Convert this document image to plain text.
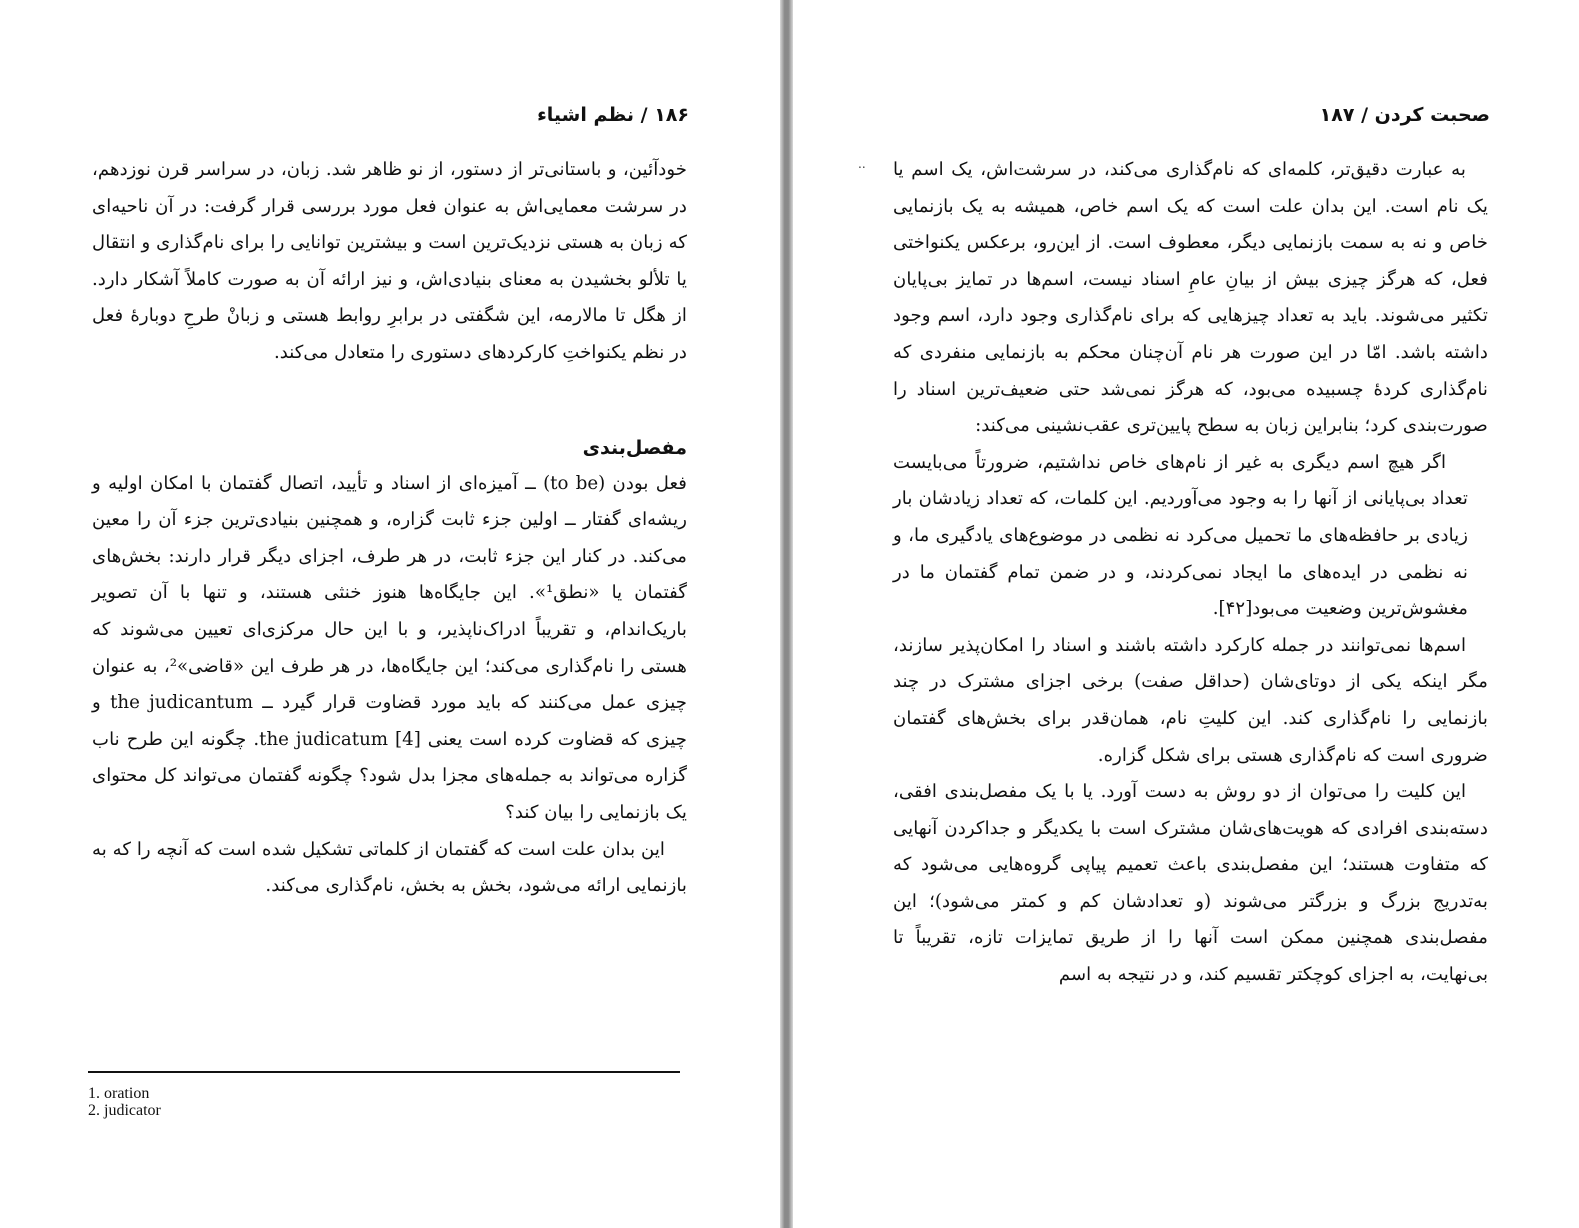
۱۸۶ / نظم اشیاء

خودآئین، و باستانی‌تر از دستور، از نو ظاهر شد. زبان، در سراسر قرن نوزدهم، در سرشت معمایی‌اش به عنوان فعل مورد بررسی قرار گرفت: در آن ناحیه‌ای که زبان به هستی نزدیک‌ترین است و بیشترین توانایی را برای نام‌گذاری و انتقال یا تلألو بخشیدن به معنای بنیادی‌اش، و نیز ارائه آن به صورت کاملاً آشکار دارد. از هگل تا مالارمه، این شگفتی در برابرِ روابط هستی و زبانْ طرحِ دوبارهٔ فعل در نظم یکنواختِ کارکردهای دستوری را متعادل می‌کند.

مفصل‌بندی

فعل بودن (to be) ــ آمیزه‌ای از اسناد و تأیید، اتصال گفتمان با امکان اولیه و ریشه‌ای گفتار ــ اولین جزء ثابت گزاره، و همچنین بنیادی‌ترین جزء آن را معین می‌کند. در کنار این جزء ثابت، در هر طرف، اجزای دیگر قرار دارند: بخش‌های گفتمان یا «نطق¹». این جایگاه‌ها هنوز خنثی هستند، و تنها با آن تصویر باریک‌اندام، و تقریباً ادراک‌ناپذیر، و با این حال مرکزی‌ای تعیین می‌شوند که هستی را نام‌گذاری می‌کند؛ این جایگاه‌ها، در هر طرف این «قاضی»²، به عنوان چیزی عمل می‌کنند که باید مورد قضاوت قرار گیرد ــ the judicantum و چیزی که قضاوت کرده است یعنی the judicatum [4]. چگونه این طرح ناب گزاره می‌تواند به جمله‌های مجزا بدل شود؟ چگونه گفتمان می‌تواند کل محتوای یک بازنمایی را بیان کند؟

این بدان علت است که گفتمان از کلماتی تشکیل شده است که آنچه را که به بازنمایی ارائه می‌شود، بخش به بخش، نام‌گذاری می‌کند.

1. oration
2. judicator
صحبت کردن / ۱۸۷

به عبارت دقیق‌تر، کلمه‌ای که نام‌گذاری می‌کند، در سرشت‌اش، یک اسم یا یک نام است. این بدان علت است که یک اسم خاص، همیشه به یک بازنمایی خاص و نه به سمت بازنمایی دیگر، معطوف است. از این‌رو، برعکس یکنواختی فعل، که هرگز چیزی بیش از بیانِ عامِ اسناد نیست، اسم‌ها در تمایز بی‌پایان تکثیر می‌شوند. باید به تعداد چیزهایی که برای نام‌گذاری وجود دارد، اسم وجود داشته باشد. امّا در این صورت هر نام آن‌چنان محکم به بازنمایی منفردی که نام‌گذاری کردهٔ چسبیده می‌بود، که هرگز نمی‌شد حتی ضعیف‌ترین اسناد را صورت‌بندی کرد؛ بنابراین زبان به سطح پایین‌تری عقب‌نشینی می‌کند:

اگر هیچ اسم دیگری به غیر از نام‌های خاص نداشتیم، ضرورتاً می‌بایست تعداد بی‌پایانی از آنها را به وجود می‌آوردیم. این کلمات، که تعداد زیادشان بار زیادی بر حافظه‌های ما تحمیل می‌کرد نه نظمی در موضوع‌های یادگیری ما، و نه نظمی در ایده‌های ما ایجاد نمی‌کردند، و در ضمن تمام گفتمان ما در مغشوش‌ترین وضعیت می‌بود[۴۲].

اسم‌ها نمی‌توانند در جمله کارکرد داشته باشند و اسناد را امکان‌پذیر سازند، مگر اینکه یکی از دوتای‌شان (حداقل صفت) برخی اجزای مشترک در چند بازنمایی را نام‌گذاری کند. این کلیتِ نام، همان‌قدر برای بخش‌های گفتمان ضروری است که نام‌گذاری هستی برای شکل گزاره.

این کلیت را می‌توان از دو روش به دست آورد. یا با یک مفصل‌بندی افقی، دسته‌بندی افرادی که هویت‌های‌شان مشترک است با یکدیگر و جداکردن آنهایی که متفاوت هستند؛ این مفصل‌بندی باعث تعمیم پیاپی گروه‌هایی می‌شود که به‌تدریج بزرگ و بزرگتر می‌شوند (و تعدادشان کم و کمتر می‌شود)؛ این مفصل‌بندی همچنین ممکن است آنها را از طریق تمایزات تازه، تقریباً تا بی‌نهایت، به اجزای کوچکتر تقسیم کند، و در نتیجه به اسم

..
